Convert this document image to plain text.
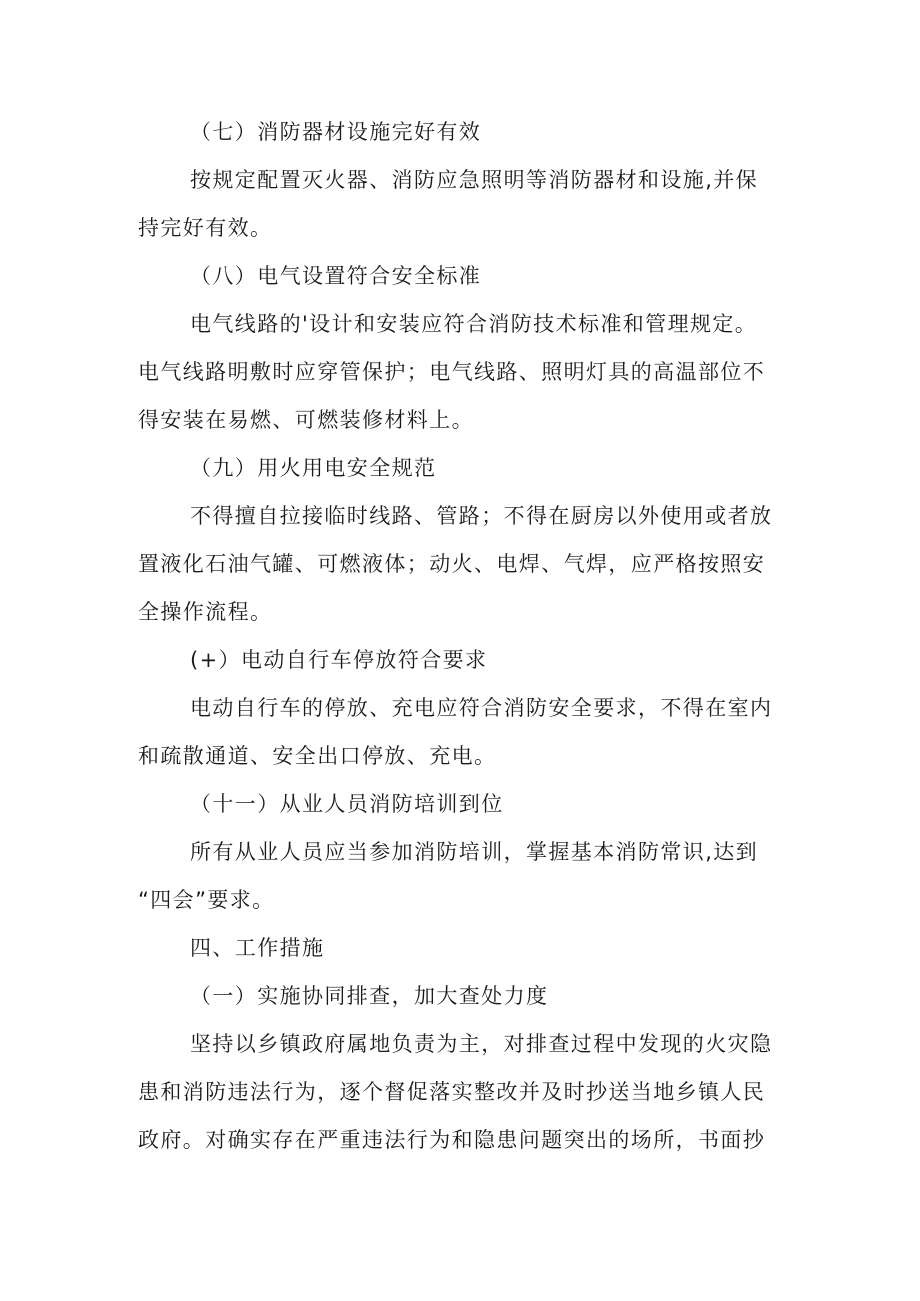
（七）消防器材设施完好有效
按规定配置灭火器、消防应急照明等消防器材和设施,并保
持完好有效。
（八）电气设置符合安全标准
电气线路的'设计和安装应符合消防技术标准和管理规定。
电气线路明敷时应穿管保护；电气线路、照明灯具的高温部位不
得安装在易燃、可燃装修材料上。
（九）用火用电安全规范
不得擅自拉接临时线路、管路；不得在厨房以外使用或者放
置液化石油气罐、可燃液体；动火、电焊、气焊，应严格按照安
全操作流程。
(+）电动自行车停放符合要求
电动自行车的停放、充电应符合消防安全要求，不得在室内
和疏散通道、安全出口停放、充电。
（十一）从业人员消防培训到位
所有从业人员应当参加消防培训，掌握基本消防常识,达到
“四会”要求。
四、工作措施
（一）实施协同排查，加大查处力度
坚持以乡镇政府属地负责为主，对排查过程中发现的火灾隐
患和消防违法行为，逐个督促落实整改并及时抄送当地乡镇人民
政府。对确实存在严重违法行为和隐患问题突出的场所，书面抄
